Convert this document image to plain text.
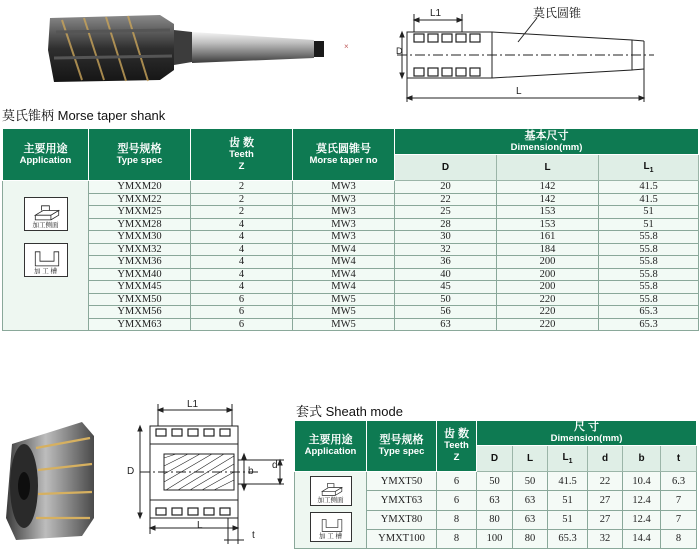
×
莫氏圆锥
L1
D
L
莫氏锥柄 Morse taper shank
主要用途
Application	型号规格
Type spec	齿 数
Teeth
Z	莫氏圆锥号
Morse taper no	基本尺寸
Dimension(mm)		

				D	L	$L_1$

加工侧面
加 工 槽	YMXM20	2	MW3	20	142	41.5
	YMXM22	2	MW3	22	142	41.5
	YMXM25	2	MW3	25	153	51
	YMXM28	4	MW3	28	153	51
	YMXM30	4	MW3	30	161	55.8
	YMXM32	4	MW4	32	184	55.8
	YMXM36	4	MW4	36	200	55.8
	YMXM40	4	MW4	40	200	55.8
	YMXM45	4	MW4	45	200	55.8
	YMXM50	6	MW5	50	220	55.8
	YMXM56	6	MW5	56	220	65.3
	YMXM63	6	MW5	63	220	65.3
L1
D	b
d
L
t
套式 Sheath mode
主要用途
Application	型号规格
Type spec	齿 数
Teeth
Z	尺 寸
Dimension(mm)					

			D	L	$L_1$	d	b	t

加工侧面
加 工 槽	YMXT50	6	50	50	41.5	22	10.4	6.3
	YMXT63	6	63	63	51	27	12.4	7
	YMXT80	8	80	63	51	27	12.4	7
	YMXT100	8	100	80	65.3	32	14.4	8
